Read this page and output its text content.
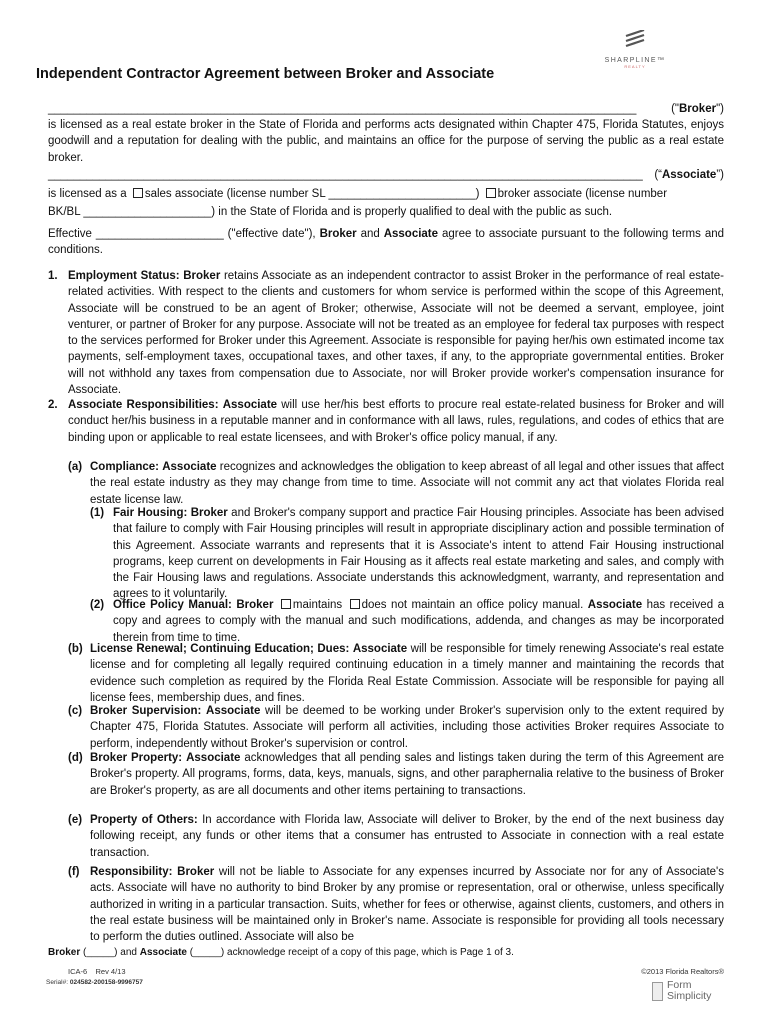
SHARPLINE™
REALTY
Independent Contractor Agreement between Broker and Associate
____________________________________________________________________________________________	("Broker")

is licensed as a real estate broker in the State of Florida and performs acts designated within Chapter 475, Florida Statutes, enjoys goodwill and a reputation for dealing with the public, and maintains an office for the purpose of serving the public as a real estate broker.

_____________________________________________________________________________________________ (“Associate”)
is licensed as a sales associate (license number SL _______________________) broker associate (license number
BK/BL ____________________) in the State of Florida and is properly qualified to deal with the public as such.
Effective ____________________ ("effective date"), Broker and Associate agree to associate pursuant to the following terms and conditions.
1. Employment Status: Broker retains Associate as an independent contractor to assist Broker in the performance of real estate-related activities. With respect to the clients and customers for whom service is performed within the scope of this Agreement, Associate will be construed to be an agent of Broker; otherwise, Associate will not be deemed a servant, employee, joint venturer, or partner of Broker for any purpose. Associate will not be treated as an employee for federal tax purposes with respect to the services performed for Broker under this Agreement. Associate is responsible for paying her/his own estimated income tax payments, self-employment taxes, occupational taxes, and other taxes, if any, to the appropriate governmental entities. Broker will not withhold any taxes from compensation due to Associate, nor will Broker provide worker's compensation insurance for Associate.

2. Associate Responsibilities: Associate will use her/his best efforts to procure real estate-related business for Broker and will conduct her/his business in a reputable manner and in conformance with all laws, rules, regulations, and codes of ethics that are binding upon or applicable to real estate licensees, and with Broker's office policy manual, if any.

(a) Compliance: Associate recognizes and acknowledges the obligation to keep abreast of all legal and other issues that affect the real estate industry as they may change from time to time. Associate will not commit any act that violates Florida real estate license law.

(1) Fair Housing: Broker and Broker's company support and practice Fair Housing principles. Associate has been advised that failure to comply with Fair Housing principles will result in appropriate disciplinary action and possible termination of this Agreement. Associate warrants and represents that it is Associate's intent to attend Fair Housing instructional programs, keep current on developments in Fair Housing as it affects real estate marketing and sales, and comply with the Fair Housing laws and regulations. Associate understands this acknowledgment, warranty, and representation and agrees to it voluntarily.

(2) Office Policy Manual: Broker maintains does not maintain an office policy manual. Associate has received a copy and agrees to comply with the manual and such modifications, addenda, and changes as may be incorporated therein from time to time.

(b) License Renewal; Continuing Education; Dues: Associate will be responsible for timely renewing Associate's real estate license and for completing all legally required continuing education in a timely manner and maintaining the records that evidence such completion as required by the Florida Real Estate Commission. Associate will be responsible for paying all license fees, membership dues, and fines.

(c) Broker Supervision: Associate will be deemed to be working under Broker's supervision only to the extent required by Chapter 475, Florida Statutes. Associate will perform all activities, including those activities Broker requires Associate to perform, independently without Broker's supervision or control.

(d) Broker Property: Associate acknowledges that all pending sales and listings taken during the term of this Agreement are Broker's property. All programs, forms, data, keys, manuals, signs, and other paraphernalia relative to the business of Broker are Broker's property, as are all documents and other items pertaining to transactions.

(e) Property of Others: In accordance with Florida law, Associate will deliver to Broker, by the end of the next business day following receipt, any funds or other items that a consumer has entrusted to Associate in connection with a real estate transaction.

(f) Responsibility: Broker will not be liable to Associate for any expenses incurred by Associate nor for any of Associate's acts. Associate will have no authority to bind Broker by any promise or representation, oral or otherwise, unless specifically authorized in writing in a particular transaction. Suits, whether for fees or otherwise, against clients, customers, and others in the real estate business will be maintained only in Broker's name. Associate is responsible for providing all tools necessary to perform the duties outlined. Associate will also be

Broker (_____) and Associate (_____) acknowledge receipt of a copy of this page, which is Page 1 of 3.
ICA-6    Rev 4/13
Serial#: 024582-200158-9996757
©2013 Florida Realtors®
Form
Simplicity
